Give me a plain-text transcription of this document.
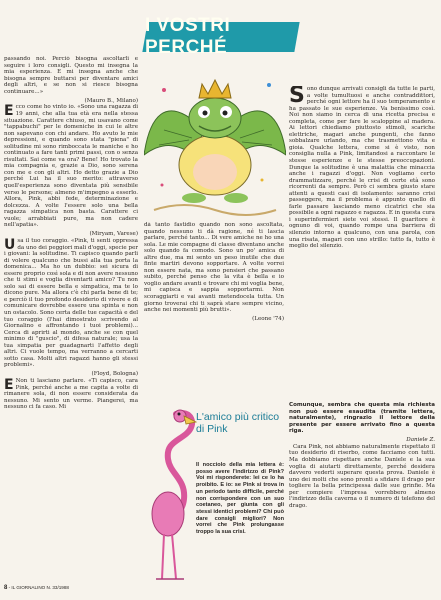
I VOSTRI PERCHÉ

passando noi. Perciò bisogna ascoltarli e seguire i loro consigli. Questo mi insegna la mia esperienza. E mi insegna anche che bisogna sempre buttarsi per diventare amici degli altri, e se non si riesce bisogna continuare...»

(Mauro B., Milano)

Ecco come ho vinto io. «Sono una ragazza di 19 anni, che alla tua età era nella stessa situazione. Carattere chiuso, mi usavano come "tappabuchi" per le domeniche in cui le altre non sapevano con chi andare. Ho avuto le mie depressioni, e quando sono stata "piena" di solitudine mi sono rimboccata le maniche e ho continuato a fare tanti primi passi, con o senza risultati. Sai come va ora? Bene! Ho trovato la mia compagnia e, grazie a Dio, sono serena con me e con gli altri. Ho detto grazie a Dio perché Lui ha il suo merito: attraverso quell'esperienza sono diventata più sensibile verso le persone; almeno m'impegno a esserlo. Allora, Pink, abbi fede, determinazione e dolcezza. A volte l'essere solo una bella ragazza simpatica non basta. Carattere ci vuole; arrabbiati pure, ma non cadere nell'apatia».

(Miryam, Varese)

Usa il tuo coraggio. «Pink, ti senti oppressa da uno dei peggiori mali d'oggi, specie per i giovani: la solitudine. Ti capisco quando parli di volere qualcuno che bussi alla tua porta la domenica... Ma ho un dubbio: sei sicura di essere proprio così sola e di non avere nessuno che ti stimi e voglia diventarti amico? Tu non solo sai di essere bella e simpatica, ma te lo dicono pure. Ma allora c'è chi parla bene di te; e perciò il tuo profondo desiderio di vivere e di comunicare dovrebbe essere una spinta e non un ostacolo. Sono certa delle tue capacità e del tuo coraggio (l'hai dimostrato scrivendo al Giornalino e affrontando i tuoi problemi)... Cerca di aprirti al mondo, anche se con quel minimo di "guscio", di difesa naturale; usa la tua simpatia per guadagnarti l'affetto degli altri. Ci vuole tempo, ma verranno a cercarti sotto casa. Molti altri ragazzi hanno gli stessi problemi».

(Floyd, Bologna)

E Non ti lasciano parlare. «Ti capisco, cara Pink, perché anche a me capita a volte di rimanere sola, di non essere considerata da nessuno. Mi sento un verme. Piangerei, ma nessuno ci fa caso. Mi

dà tanto fastidio quando non sono ascoltata, quando nessuno ti dà ragione, né ti lascia parlare, perché tanto... Di vere amiche ne ho una sola. Le mie compagne di classe diventano anche solo quando fa comodo. Sono un po' amica di altre due, ma mi sento un peso inutile che due finte martiri devono sopportare. A volte vorrei non essere nata, ma sono pensieri che passano subito, perché penso che la vita è bella e io voglio andare avanti e trovare chi mi voglia bene, mi capisca e sappia sopportarmi. Non scoraggiarti e vai avanti metendocela tutta. Un giorno troverai chi ti saprà stare sempre vicino, anche nei momenti più brutti».

(Leone '74)

Sono dunque arrivati consigli da tutte le parti, a volte tumultuosi e anche contraddittori, perché ogni lettore ha il suo temperamento e ha passato le sue esperienze. Va benissimo così. Noi non siamo in cerca di una ricetta precisa e completa, come per fare le scaloppine al madera. Ai lettori chiediamo piuttosto stimoli, scariche elettriche, magari anche pungenti, che fanno sobbalzare urlando, ma che trasmettono vita e gioia. Qualche lettera, come si è visto, non consiglia nulla a Pink, limitandosi a raccontare le stesse esperienze e le stesse preoccupazioni. Dunque la solitudine è una malattia che minaccia anche i ragazzi d'oggi. Non vogliamo certo drammatizzare, perché le crisi di certe età sono ricorrenti da sempre. Però ci sembra giusto stare attenti a questi casi di isolamento: saranno crisi passeggere, ma il problema è appunto quello di farle passare lasciando meno cicatrici che sia possibile a ogni ragazzo e ragazza. E in questa cura i superinfermieri siete voi stessi. Il guaritore è ognuno di voi, quando rompe una barriera di silenzio intorno a qualcuno, con una parola, con una risata, magari con uno strillo: tutto fa, tutto è meglio del silenzio.

L'amico più critico di Pink
Il nocciolo della mia lettera è: posso avere l'indirizzo di Pink? Voi mi risponderete: lei ce lo ha proibito. E io: se Pink si trova in un periodo tanto difficile, perché non corrispondere con un suo coetaneo, per giunta con gli stessi identici problemi? Chi può dare consigli migliori? Non vorrei che Pink prolungasse troppo la sua crisi.

Comunque, sembra che questa mia richiesta non può essere esaudita (tramite lettera, naturalmente), ringrazio il lettore della presente per essere arrivato fino a questa riga.

Daniele Z.

Cara Pink, noi abbiamo naturalmente rispettato il tuo desiderio di riserbo, come facciamo con tutti. Ma dobbiamo rispettare anche Daniele e la sua voglia di aiutarti direttamente, perché desidera davvero vederti superare questa prova. Daniele è uno dei molti che sono pronti a sfidare il drago per togliere la bella principessa dalle sue grinfie. Ma per compiere l'impresa vorrebbero almeno l'indirizzo della caverna o il numero di telefono del drago.

8 - IL GIORNALINO N. 33/1988
